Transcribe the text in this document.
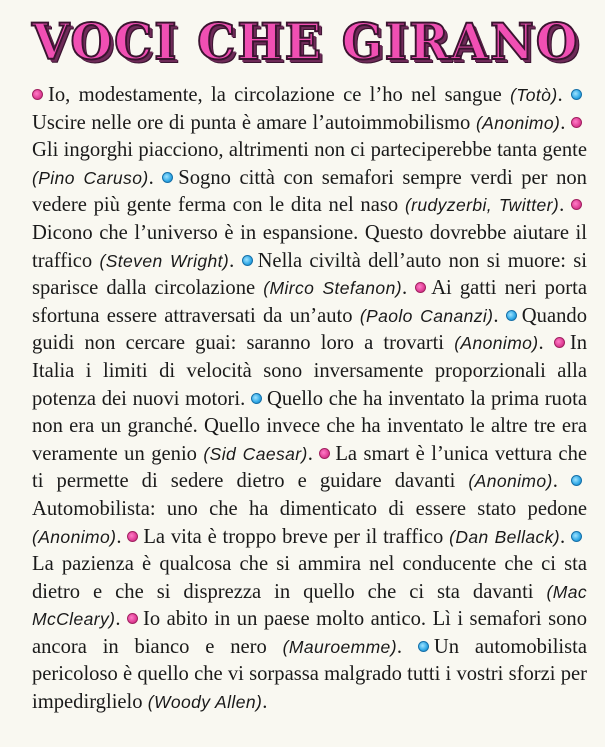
VOCI CHE GIRANO
Io, modestamente, la circolazione ce l’ho nel sangue (Totò). Uscire nelle ore di punta è amare l’autoimmobilismo (Anonimo). Gli ingorghi piacciono, altrimenti non ci parteciperebbe tanta gente (Pino Caruso). Sogno città con semafori sempre verdi per non vedere più gente ferma con le dita nel naso (rudyzerbi, Twitter). Dicono che l’universo è in espansione. Questo dovrebbe aiutare il traffico (Steven Wright). Nella civiltà dell’auto non si muore: si sparisce dalla circolazione (Mirco Stefanon). Ai gatti neri porta sfortuna essere attraversati da un’auto (Paolo Cananzi). Quando guidi non cercare guai: saranno loro a trovarti (Anonimo). In Italia i limiti di velocità sono inversamente proporzionali alla potenza dei nuovi motori. Quello che ha inventato la prima ruota non era un granché. Quello invece che ha inventato le altre tre era veramente un genio (Sid Caesar). La smart è l’unica vettura che ti permette di sedere dietro e guidare davanti (Anonimo). Automobilista: uno che ha dimenticato di essere stato pedone (Anonimo). La vita è troppo breve per il traffico (Dan Bellack). La pazienza è qualcosa che si ammira nel conducente che ci sta dietro e che si disprezza in quello che ci sta davanti (Mac McCleary). Io abito in un paese molto antico. Lì i semafori sono ancora in bianco e nero (Mauroemme). Un automobilista pericoloso è quello che vi sorpassa malgrado tutti i vostri sforzi per impedirglielo (Woody Allen).
